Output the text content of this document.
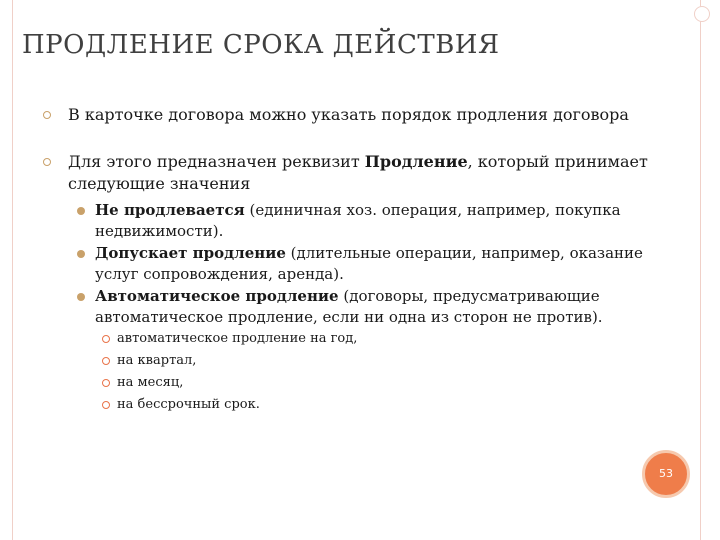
ПРОДЛЕНИЕ СРОКА ДЕЙСТВИЯ
В карточке договора можно указать порядок продления договора
Для этого предназначен реквизит Продление, который принимает следующие значения
Не продлевается (единичная хоз. операция, например, покупка недвижимости).
Допускает продление (длительные операции, например, оказание услуг сопровождения, аренда).
Автоматическое продление (договоры, предусматривающие автоматическое продление, если ни одна из сторон не против).
автоматическое продление на год,
на квартал,
на месяц,
на бессрочный срок.
53
